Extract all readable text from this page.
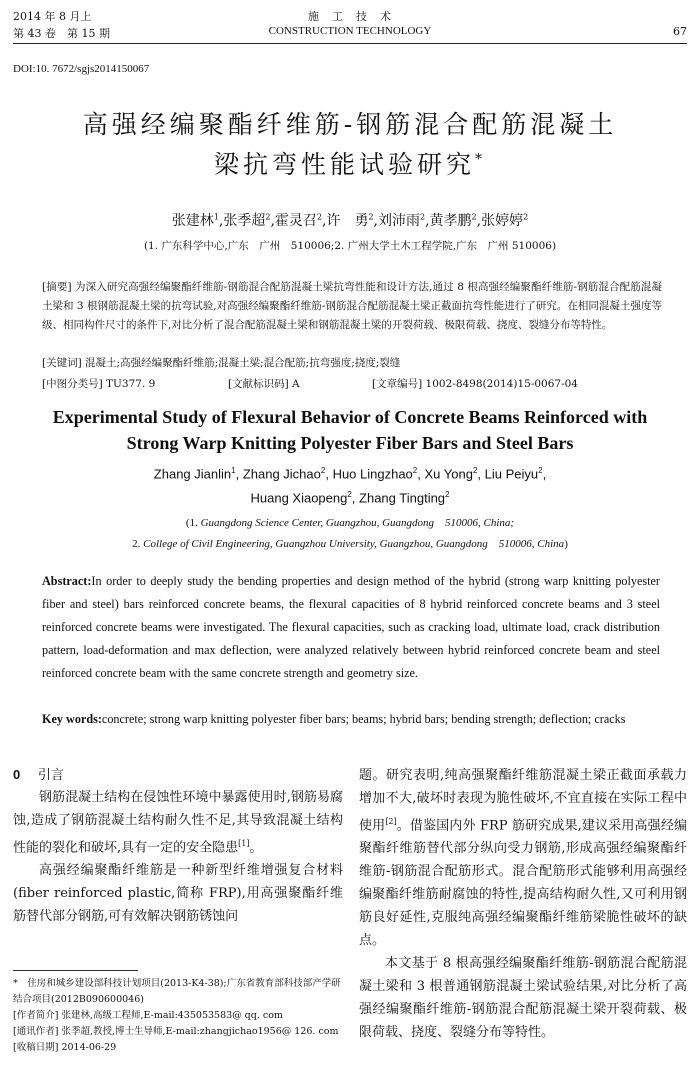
2014 年 8 月上
第 43 卷　第 15 期
施　工　技　术
CONSTRUCTION TECHNOLOGY	67
DOI:10. 7672/sgjs2014150067
高强经编聚酯纤维筋-钢筋混合配筋混凝土
梁抗弯性能试验研究*
张建林$^1$,张季超$^2$,霍灵召$^2$,许　勇$^2$,刘沛雨$^2$,黄孝鹏$^2$,张婷婷$^2$
(1. 广东科学中心,广东　广州　510006;2. 广州大学土木工程学院,广东　广州 510006)
[摘要] 为深入研究高强经编聚酯纤维筋-钢筋混合配筋混凝土梁抗弯性能和设计方法,通过 8 根高强经编聚酯纤维筋-钢筋混合配筋混凝土梁和 3 根钢筋混凝土梁的抗弯试验,对高强经编聚酯纤维筋-钢筋混合配筋混凝土梁正截面抗弯性能进行了研究。在相同混凝土强度等级、相同构件尺寸的条件下,对比分析了混合配筋混凝土梁和钢筋混凝土梁的开裂荷载、极限荷载、挠度、裂缝分布等特性。
[关键词] 混凝土;高强经编聚酯纤维筋;混凝土梁;混合配筋;抗弯强度;挠度;裂缝
[中图分类号] TU377. 9	[文献标识码] A	[文章编号] 1002-8498(2014)15-0067-04
Experimental Study of Flexural Behavior of Concrete Beams Reinforced with
Strong Warp Knitting Polyester Fiber Bars and Steel Bars
Zhang Jianlin$^1$, Zhang Jichao$^2$, Huo Lingzhao$^2$, Xu Yong$^2$, Liu Peiyu$^2$,
Huang Xiaopeng$^2$, Zhang Tingting$^2$
(1. Guangdong Science Center, Guangzhou, Guangdong　510006, China;
2. College of Civil Engineering, Guangzhou University, Guangzhou, Guangdong　510006, China)
Abstract:In order to deeply study the bending properties and design method of the hybrid (strong warp knitting polyester fiber and steel) bars reinforced concrete beams, the flexural capacities of 8 hybrid reinforced concrete beams and 3 steel reinforced concrete beams were investigated. The flexural capacities, such as cracking load, ultimate load, crack distribution pattern, load-deformation and max deflection, were analyzed relatively between hybrid reinforced concrete beam and steel reinforced concrete beam with the same concrete strength and geometry size.
Key words:concrete; strong warp knitting polyester fiber bars; beams; hybrid bars; bending strength; deflection; cracks
0 引言

钢筋混凝土结构在侵蚀性环境中暴露使用时,钢筋易腐蚀,造成了钢筋混凝土结构耐久性不足,其导致混凝土结构性能的裂化和破坏,具有一定的安全隐患[1]。

高强经编聚酯纤维筋是一种新型纤维增强复合材料(fiber reinforced plastic,简称 FRP),用高强聚酯纤维筋替代部分钢筋,可有效解决钢筋锈蚀问

题。研究表明,纯高强聚酯纤维筋混凝土梁正截面承载力增加不大,破坏时表现为脆性破坏,不宜直接在实际工程中使用[2]。借鉴国内外 FRP 筋研究成果,建议采用高强经编聚酯纤维筋替代部分纵向受力钢筋,形成高强经编聚酯纤维筋-钢筋混合配筋形式。混合配筋形式能够利用高强经编聚酯纤维筋耐腐蚀的特性,提高结构耐久性,又可利用钢筋良好延性,克服纯高强经编聚酯纤维筋梁脆性破坏的缺点。

本文基于 8 根高强经编聚酯纤维筋-钢筋混合配筋混凝土梁和 3 根普通钢筋混凝土梁试验结果,对比分析了高强经编聚酯纤维筋-钢筋混合配筋混凝土梁开裂荷载、极限荷载、挠度、裂缝分布等特性。

*　 住房和城乡建设部科技计划项目(2013-K4-38);广东省教育部科技部产学研结合项目(2012B090600046)
[作者简介] 张建林,高级工程师,E-mail:435053583@ qq. com
[通讯作者] 张季超,教授,博士生导师,E-mail:zhangjichao1956@ 126. com
[收稿日期] 2014-06-29
